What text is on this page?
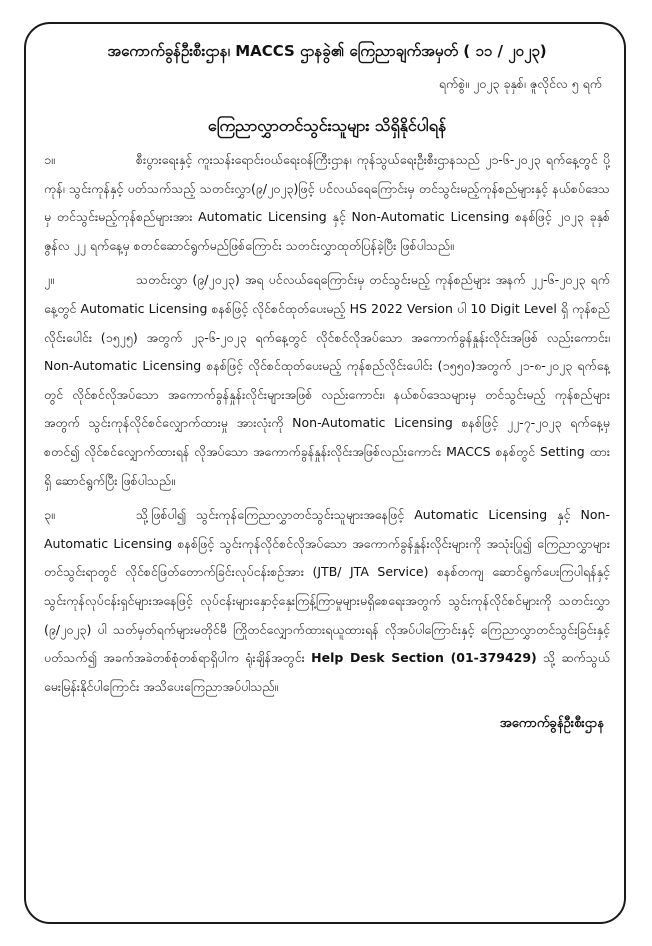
အကောက်ခွန်ဦးစီးဌာန၊ MACCS ဌာနခွဲ၏ ကြေညာချက်အမှတ် ( ၁၁ / ၂၀၂၃)
ရက်စွဲ။ ၂၀၂၃ ခုနှစ်၊ ဇူလိုင်လ ၅ ရက်
ကြေညာလွှာတင်သွင်းသူများ သိရှိနိုင်ပါရန်

၁။	စီးပွားရေးနှင့် ကူးသန်းရောင်းဝယ်ရေးဝန်ကြီးဌာန၊ ကုန်သွယ်ရေးဦးစီးဌာနသည် ၂၁-၆-၂၀၂၃ ရက်နေ့တွင် ပို့ကုန်၊ သွင်းကုန်နှင့် ပတ်သက်သည့် သတင်းလွှာ(၉/၂၀၂၃)ဖြင့် ပင်လယ်ရေကြောင်းမှ တင်သွင်းမည့်ကုန်စည်များနှင့် နယ်စပ်ဒေသမှ တင်သွင်းမည့်ကုန်စည်များအား Automatic Licensing နှင့် Non-Automatic Licensing စနစ်ဖြင့် ၂၀၂၃ ခုနှစ် ဇွန်လ ၂၂ ရက်နေ့မှ စတင်ဆောင်ရွက်မည်ဖြစ်ကြောင်း သတင်းလွှာထုတ်ပြန်ခဲ့ပြီး ဖြစ်ပါသည်။

၂။	သတင်းလွှာ (၉/၂၀၂၃) အရ ပင်လယ်ရေကြောင်းမှ တင်သွင်းမည့် ကုန်စည်များ အနက် ၂၂-၆-၂၀၂၃ ရက်နေ့တွင် Automatic Licensing စနစ်ဖြင့် လိုင်စင်ထုတ်ပေးမည့် HS 2022 Version ပါ 10 Digit Level ရှိ ကုန်စည်လိုင်းပေါင်း (၁၅၂၅) အတွက် ၂၃-၆-၂၀၂၃ ရက်နေ့တွင် လိုင်စင်လိုအပ်သော အကောက်ခွန်နှုန်းလိုင်းအဖြစ် လည်းကောင်း၊ Non-Automatic Licensing စနစ်ဖြင့် လိုင်စင်ထုတ်ပေးမည့် ကုန်စည်လိုင်းပေါင်း (၁၅၅၀)အတွက် ၂၁-၈-၂၀၂၃ ရက်နေ့တွင် လိုင်စင်လိုအပ်သော အကောက်ခွန်နှုန်းလိုင်းများအဖြစ် လည်းကောင်း၊ နယ်စပ်ဒေသများမှ တင်သွင်းမည့် ကုန်စည်များအတွက် သွင်းကုန်လိုင်စင်လျှောက်ထားမှု အားလုံးကို Non-Automatic Licensing စနစ်ဖြင့် ၂၂-၇-၂၀၂၃ ရက်နေ့မှစတင်၍ လိုင်စင်လျှောက်ထားရန် လိုအပ်သော အကောက်ခွန်နှုန်းလိုင်းအဖြစ်လည်းကောင်း MACCS စနစ်တွင် Setting ထားရှိ ဆောင်ရွက်ပြီး ဖြစ်ပါသည်။

၃။	သို့ဖြစ်ပါ၍ သွင်းကုန်ကြေညာလွှာတင်သွင်းသူများအနေဖြင့် Automatic Licensing နှင့် Non-Automatic Licensing စနစ်ဖြင့် သွင်းကုန်လိုင်စင်လိုအပ်သော အကောက်ခွန်နှုန်းလိုင်းများကို အသုံးပြု၍ ကြေညာလွှာများတင်သွင်းရာတွင် လိုင်စင်ဖြတ်တောက်ခြင်းလုပ်ငန်းစဉ်အား (JTB/ JTA Service) စနစ်တကျ ဆောင်ရွက်ပေးကြပါရန်နှင့် သွင်းကုန်လုပ်ငန်းရှင်များအနေဖြင့် လုပ်ငန်းများနှောင့်နှေးကြန့်ကြာမှုများမရှိစေရေးအတွက် သွင်းကုန်လိုင်စင်များကို သတင်းလွှာ (၉/၂၀၂၃) ပါ သတ်မှတ်ရက်များမတိုင်မီ ကြိုတင်လျှောက်ထားရယူထားရန် လိုအပ်ပါကြောင်းနှင့် ကြေညာလွှာတင်သွင်းခြင်းနှင့် ပတ်သက်၍ အခက်အခဲတစ်စုံတစ်ရာရှိပါက ရုံးချိန်အတွင်း Help Desk Section (01-379429) သို့ ဆက်သွယ်မေးမြန်းနိုင်ပါကြောင်း အသိပေးကြေညာအပ်ပါသည်။

အကောက်ခွန်ဦးစီးဌာန
